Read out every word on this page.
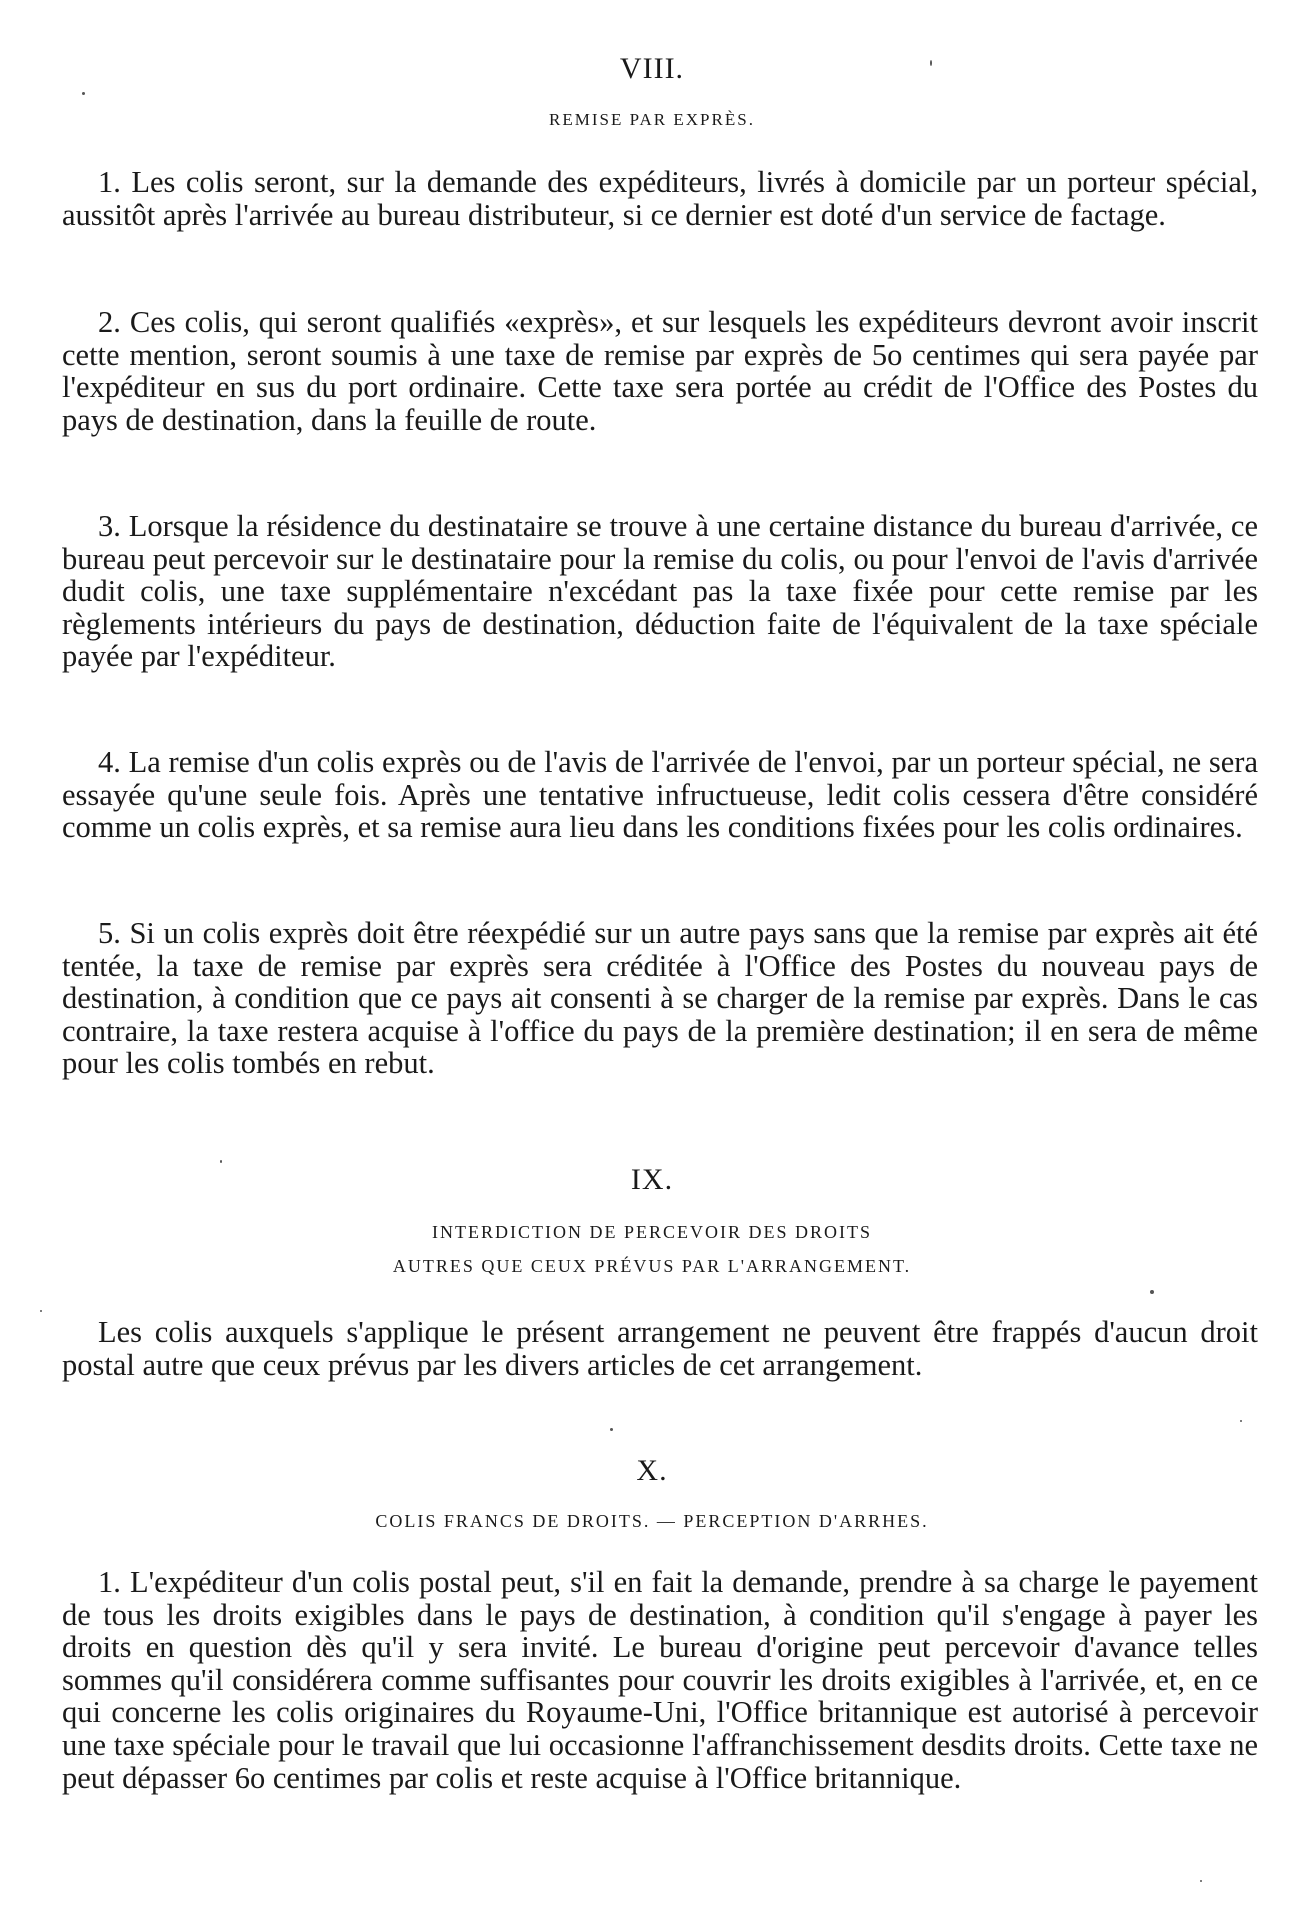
VIII.
REMISE PAR EXPRÈS.

1. Les colis seront, sur la demande des expéditeurs, livrés à domicile par un porteur spécial, aussitôt après l'arrivée au bureau distributeur, si ce dernier est doté d'un service de factage.

2. Ces colis, qui seront qualifiés «exprès», et sur lesquels les expéditeurs devront avoir inscrit cette mention, seront soumis à une taxe de remise par exprès de 5o centimes qui sera payée par l'expéditeur en sus du port ordinaire. Cette taxe sera portée au crédit de l'Office des Postes du pays de destination, dans la feuille de route.

3. Lorsque la résidence du destinataire se trouve à une certaine distance du bureau d'arrivée, ce bureau peut percevoir sur le destinataire pour la remise du colis, ou pour l'envoi de l'avis d'arrivée dudit colis, une taxe supplémentaire n'excédant pas la taxe fixée pour cette remise par les règlements intérieurs du pays de destination, déduction faite de l'équivalent de la taxe spéciale payée par l'expéditeur.

4. La remise d'un colis exprès ou de l'avis de l'arrivée de l'envoi, par un porteur spécial, ne sera essayée qu'une seule fois. Après une tentative infructueuse, ledit colis cessera d'être considéré comme un colis exprès, et sa remise aura lieu dans les conditions fixées pour les colis ordinaires.

5. Si un colis exprès doit être réexpédié sur un autre pays sans que la remise par exprès ait été tentée, la taxe de remise par exprès sera créditée à l'Office des Postes du nouveau pays de destination, à condition que ce pays ait consenti à se charger de la remise par exprès. Dans le cas contraire, la taxe restera acquise à l'office du pays de la première destination; il en sera de même pour les colis tombés en rebut.

IX.
INTERDICTION DE PERCEVOIR DES DROITS
AUTRES QUE CEUX PRÉVUS PAR L'ARRANGEMENT.

Les colis auxquels s'applique le présent arrangement ne peuvent être frappés d'aucun droit postal autre que ceux prévus par les divers articles de cet arrangement.

X.
COLIS FRANCS DE DROITS. — PERCEPTION D'ARRHES.

1. L'expéditeur d'un colis postal peut, s'il en fait la demande, prendre à sa charge le payement de tous les droits exigibles dans le pays de destination, à condition qu'il s'engage à payer les droits en question dès qu'il y sera invité. Le bureau d'origine peut percevoir d'avance telles sommes qu'il considérera comme suffisantes pour couvrir les droits exigibles à l'arrivée, et, en ce qui concerne les colis originaires du Royaume-Uni, l'Office britannique est autorisé à percevoir une taxe spéciale pour le travail que lui occasionne l'affranchissement desdits droits. Cette taxe ne peut dépasser 6o centimes par colis et reste acquise à l'Office britannique.
